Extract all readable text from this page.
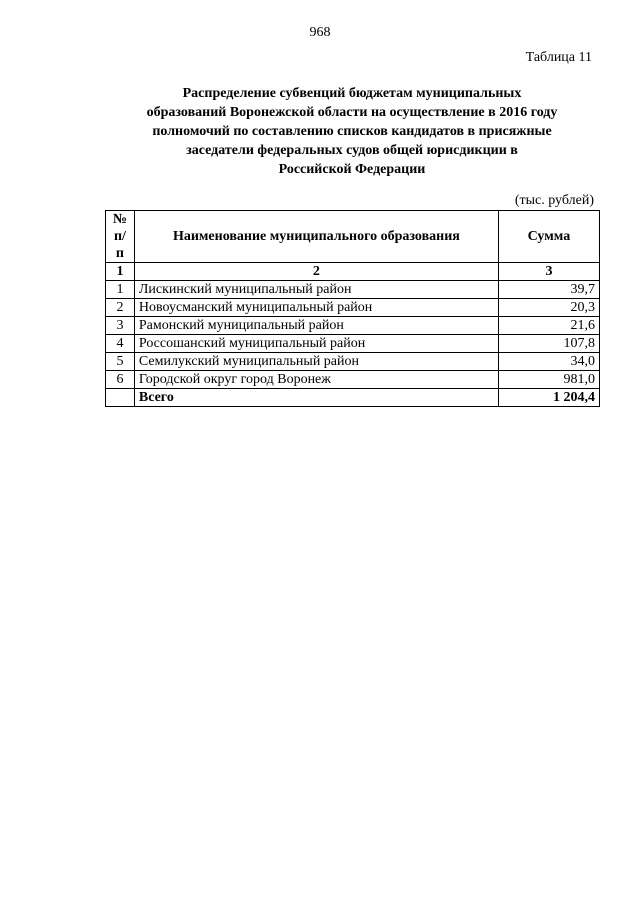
968
Таблица 11
Распределение субвенций бюджетам муниципальных
образований Воронежской области на осуществление в 2016 году
полномочий по составлению списков кандидатов в присяжные
заседатели федеральных судов общей юрисдикции в
Российской Федерации
(тыс. рублей)
№
п/п	Наименование муниципального образования	Сумма
1	2	3
1	Лискинский муниципальный район	39,7
2	Новоусманский муниципальный район	20,3
3	Рамонский муниципальный район	21,6
4	Россошанский муниципальный район	107,8
5	Семилукский муниципальный район	34,0
6	Городской округ город Воронеж	981,0
	Всего	1 204,4
